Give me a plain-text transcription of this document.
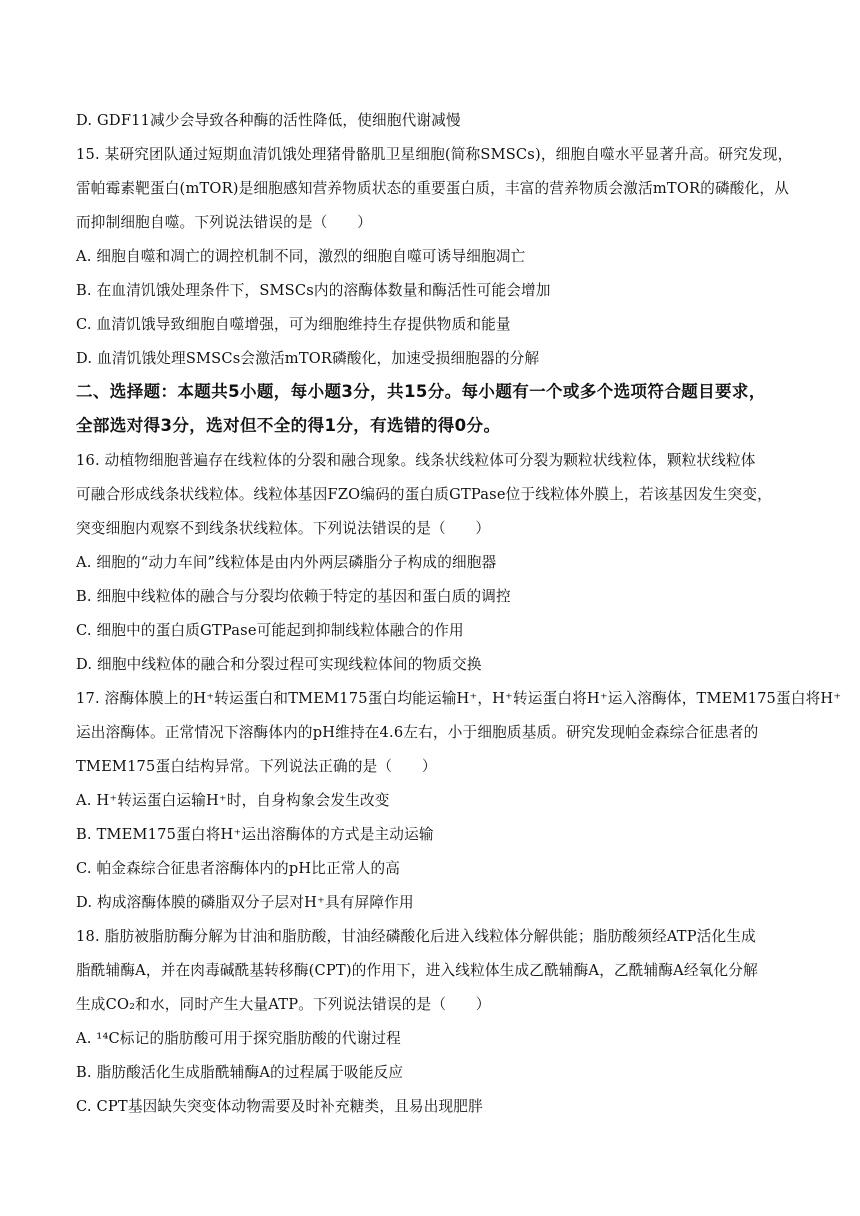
D. GDF11减少会导致各种酶的活性降低，使细胞代谢减慢
15. 某研究团队通过短期血清饥饿处理猪骨骼肌卫星细胞(简称SMSCs)，细胞自噬水平显著升高。研究发现，
雷帕霉素靶蛋白(mTOR)是细胞感知营养物质状态的重要蛋白质，丰富的营养物质会激活mTOR的磷酸化，从
而抑制细胞自噬。下列说法错误的是（　　）
A. 细胞自噬和凋亡的调控机制不同，激烈的细胞自噬可诱导细胞凋亡
B. 在血清饥饿处理条件下，SMSCs内的溶酶体数量和酶活性可能会增加
C. 血清饥饿导致细胞自噬增强，可为细胞维持生存提供物质和能量
D. 血清饥饿处理SMSCs会激活mTOR磷酸化，加速受损细胞器的分解
二、选择题：本题共5小题，每小题3分，共15分。每小题有一个或多个选项符合题目要求，
全部选对得3分，选对但不全的得1分，有选错的得0分。
16. 动植物细胞普遍存在线粒体的分裂和融合现象。线条状线粒体可分裂为颗粒状线粒体，颗粒状线粒体
可融合形成线条状线粒体。线粒体基因FZO编码的蛋白质GTPase位于线粒体外膜上，若该基因发生突变，
突变细胞内观察不到线条状线粒体。下列说法错误的是（　　）
A. 细胞的“动力车间”线粒体是由内外两层磷脂分子构成的细胞器
B. 细胞中线粒体的融合与分裂均依赖于特定的基因和蛋白质的调控
C. 细胞中的蛋白质GTPase可能起到抑制线粒体融合的作用
D. 细胞中线粒体的融合和分裂过程可实现线粒体间的物质交换
17. 溶酶体膜上的H⁺转运蛋白和TMEM175蛋白均能运输H⁺，H⁺转运蛋白将H⁺运入溶酶体，TMEM175蛋白将H⁺
运出溶酶体。正常情况下溶酶体内的pH维持在4.6左右，小于细胞质基质。研究发现帕金森综合征患者的
TMEM175蛋白结构异常。下列说法正确的是（　　）
A. H⁺转运蛋白运输H⁺时，自身构象会发生改变
B. TMEM175蛋白将H⁺运出溶酶体的方式是主动运输
C. 帕金森综合征患者溶酶体内的pH比正常人的高
D. 构成溶酶体膜的磷脂双分子层对H⁺具有屏障作用
18. 脂肪被脂肪酶分解为甘油和脂肪酸，甘油经磷酸化后进入线粒体分解供能；脂肪酸须经ATP活化生成
脂酰辅酶A，并在肉毒碱酰基转移酶(CPT)的作用下，进入线粒体生成乙酰辅酶A，乙酰辅酶A经氧化分解
生成CO₂和水，同时产生大量ATP。下列说法错误的是（　　）
A. ¹⁴C标记的脂肪酸可用于探究脂肪酸的代谢过程
B. 脂肪酸活化生成脂酰辅酶A的过程属于吸能反应
C. CPT基因缺失突变体动物需要及时补充糖类，且易出现肥胖
